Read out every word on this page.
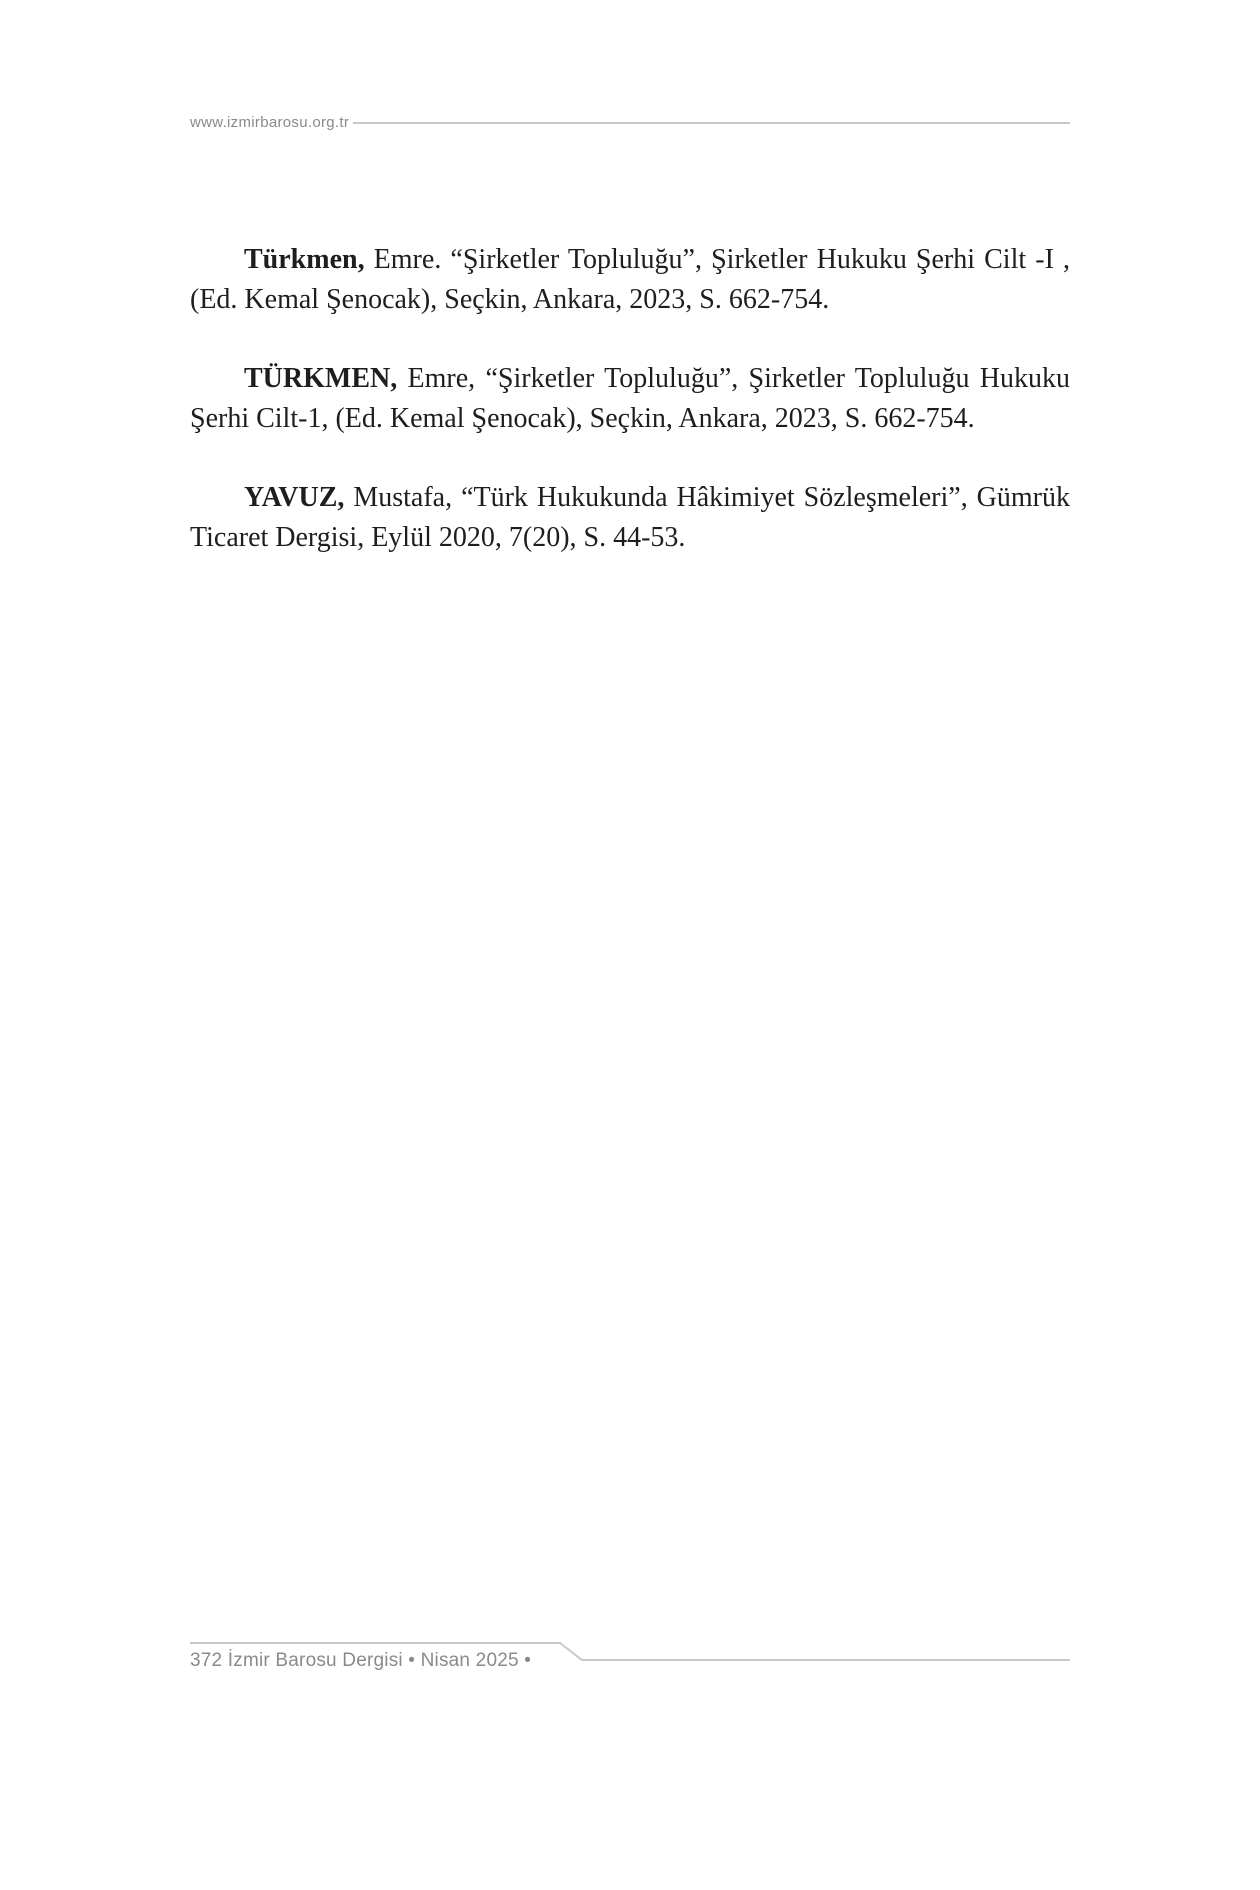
www.izmirbarosu.org.tr

Türkmen, Emre. “Şirketler Topluluğu”, Şirketler Hukuku Şerhi Cilt -I , (Ed. Kemal Şenocak), Seçkin, Ankara, 2023, S. 662-754.

TÜRKMEN, Emre, “Şirketler Topluluğu”, Şirketler Topluluğu Hukuku Şerhi Cilt-1, (Ed. Kemal Şenocak), Seçkin, Ankara, 2023, S. 662-754.

YAVUZ, Mustafa, “Türk Hukukunda Hâkimiyet Sözleşmeleri”, Gümrük Ticaret Dergisi, Eylül 2020, 7(20), S. 44-53.

372 İzmir Barosu Dergisi • Nisan 2025 •
